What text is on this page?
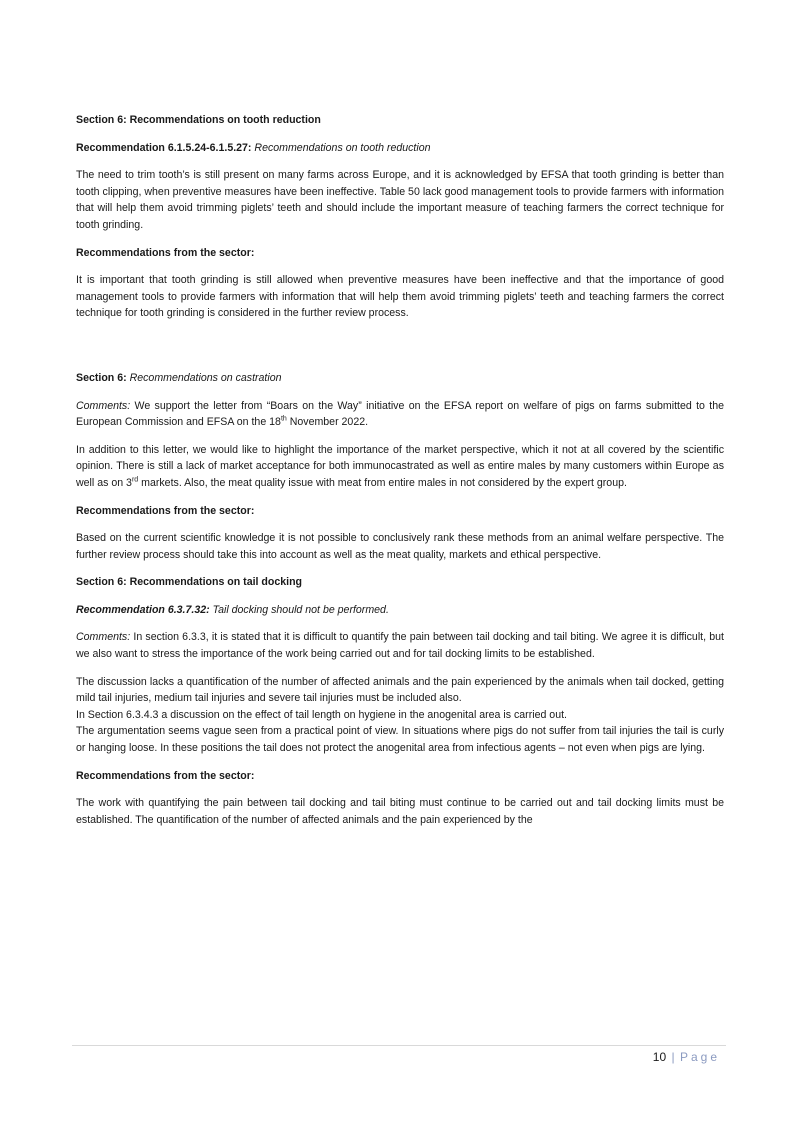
Section 6: Recommendations on tooth reduction

Recommendation 6.1.5.24-6.1.5.27: Recommendations on tooth reduction

The need to trim tooth’s is still present on many farms across Europe, and it is acknowledged by EFSA that tooth grinding is better than tooth clipping, when preventive measures have been ineffective. Table 50 lack good management tools to provide farmers with information that will help them avoid trimming piglets’ teeth and should include the important measure of teaching farmers the correct technique for tooth grinding.

Recommendations from the sector:

It is important that tooth grinding is still allowed when preventive measures have been ineffective and that the importance of good management tools to provide farmers with information that will help them avoid trimming piglets’ teeth and teaching farmers the correct technique for tooth grinding is considered in the further review process.

Section 6: Recommendations on castration

Comments: We support the letter from “Boars on the Way” initiative on the EFSA report on welfare of pigs on farms submitted to the European Commission and EFSA on the 18th November 2022.

In addition to this letter, we would like to highlight the importance of the market perspective, which it not at all covered by the scientific opinion. There is still a lack of market acceptance for both immunocastrated as well as entire males by many customers within Europe as well as on 3rd markets. Also, the meat quality issue with meat from entire males in not considered by the expert group.

Recommendations from the sector:

Based on the current scientific knowledge it is not possible to conclusively rank these methods from an animal welfare perspective. The further review process should take this into account as well as the meat quality, markets and ethical perspective.

Section 6: Recommendations on tail docking

Recommendation 6.3.7.32: Tail docking should not be performed.

Comments: In section 6.3.3, it is stated that it is difficult to quantify the pain between tail docking and tail biting. We agree it is difficult, but we also want to stress the importance of the work being carried out and for tail docking limits to be established.

The discussion lacks a quantification of the number of affected animals and the pain experienced by the animals when tail docked, getting mild tail injuries, medium tail injuries and severe tail injuries must be included also.
In Section 6.3.4.3 a discussion on the effect of tail length on hygiene in the anogenital area is carried out.
The argumentation seems vague seen from a practical point of view. In situations where pigs do not suffer from tail injuries the tail is curly or hanging loose. In these positions the tail does not protect the anogenital area from infectious agents – not even when pigs are lying.

Recommendations from the sector:

The work with quantifying the pain between tail docking and tail biting must continue to be carried out and tail docking limits must be established. The quantification of the number of affected animals and the pain experienced by the

10 | Page
